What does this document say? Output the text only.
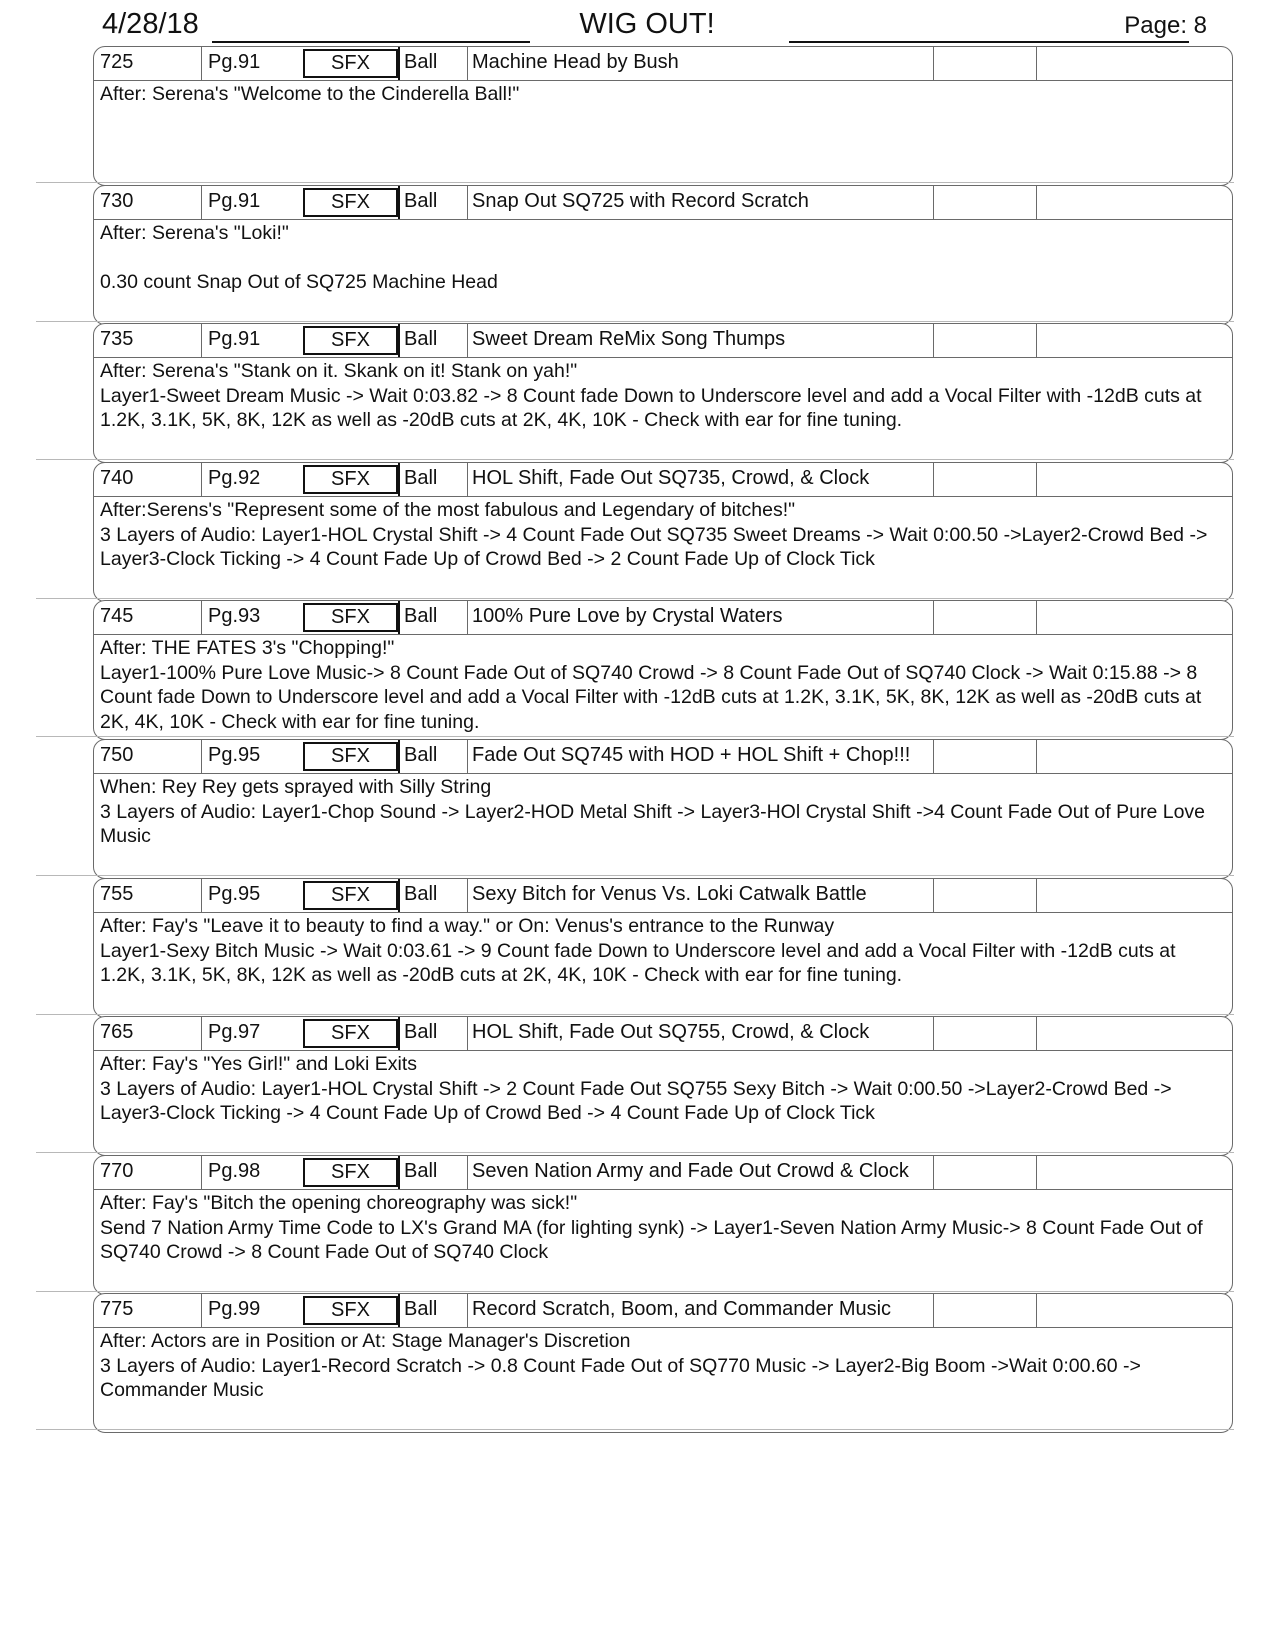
4/28/18	WIG OUT!	Page: 8
725	Pg.91	SFX	Ball	Machine Head by Bush
After: Serena's "Welcome to the Cinderella Ball!"
730	Pg.91	SFX	Ball	Snap Out SQ725 with Record Scratch
After: Serena's "Loki!"

0.30 count Snap Out of SQ725 Machine Head
735	Pg.91	SFX	Ball	Sweet Dream ReMix Song Thumps
After: Serena's "Stank on it. Skank on it! Stank on yah!"
Layer1-Sweet Dream Music -> Wait 0:03.82 -> 8 Count fade Down to Underscore level and add a Vocal Filter with -12dB cuts at 1.2K, 3.1K, 5K, 8K, 12K as well as -20dB cuts at 2K, 4K, 10K - Check with ear for fine tuning.
740	Pg.92	SFX	Ball	HOL Shift, Fade Out SQ735, Crowd, & Clock
After:Serens's "Represent some of the most fabulous and Legendary of bitches!"
3 Layers of Audio: Layer1-HOL Crystal Shift -> 4 Count Fade Out SQ735 Sweet Dreams -> Wait 0:00.50 ->Layer2-Crowd Bed -> Layer3-Clock Ticking -> 4 Count Fade Up of Crowd Bed -> 2 Count Fade Up of Clock Tick
745	Pg.93	SFX	Ball	100% Pure Love by Crystal Waters
After: THE FATES 3's "Chopping!"
Layer1-100% Pure Love Music-> 8 Count Fade Out of SQ740 Crowd -> 8 Count Fade Out of SQ740 Clock -> Wait 0:15.88 -> 8 Count fade Down to Underscore level and add a Vocal Filter with -12dB cuts at 1.2K, 3.1K, 5K, 8K, 12K as well as -20dB cuts at 2K, 4K, 10K - Check with ear for fine tuning.
750	Pg.95	SFX	Ball	Fade Out SQ745 with HOD + HOL Shift + Chop!!!
When: Rey Rey gets sprayed with Silly String
3 Layers of Audio: Layer1-Chop Sound -> Layer2-HOD Metal Shift -> Layer3-HOl Crystal Shift ->4 Count Fade Out of Pure Love Music
755	Pg.95	SFX	Ball	Sexy Bitch for Venus Vs. Loki Catwalk Battle
After: Fay's "Leave it to beauty to find a way." or On: Venus's entrance to the Runway
Layer1-Sexy Bitch Music -> Wait 0:03.61 -> 9 Count fade Down to Underscore level and add a Vocal Filter with -12dB cuts at 1.2K, 3.1K, 5K, 8K, 12K as well as -20dB cuts at 2K, 4K, 10K - Check with ear for fine tuning.
765	Pg.97	SFX	Ball	HOL Shift, Fade Out SQ755, Crowd, & Clock
After: Fay's "Yes Girl!" and Loki Exits
3 Layers of Audio: Layer1-HOL Crystal Shift -> 2 Count Fade Out SQ755 Sexy Bitch -> Wait 0:00.50 ->Layer2-Crowd Bed -> Layer3-Clock Ticking -> 4 Count Fade Up of Crowd Bed -> 4 Count Fade Up of Clock Tick
770	Pg.98	SFX	Ball	Seven Nation Army and Fade Out Crowd & Clock
After: Fay's "Bitch the opening choreography was sick!"
Send 7 Nation Army Time Code to LX's Grand MA (for lighting synk) -> Layer1-Seven Nation Army Music-> 8 Count Fade Out of SQ740 Crowd -> 8 Count Fade Out of SQ740 Clock
775	Pg.99	SFX	Ball	Record Scratch, Boom, and Commander Music
After: Actors are in Position or At: Stage Manager's Discretion
3 Layers of Audio: Layer1-Record Scratch -> 0.8 Count Fade Out of SQ770 Music -> Layer2-Big Boom ->Wait 0:00.60 -> Commander Music
